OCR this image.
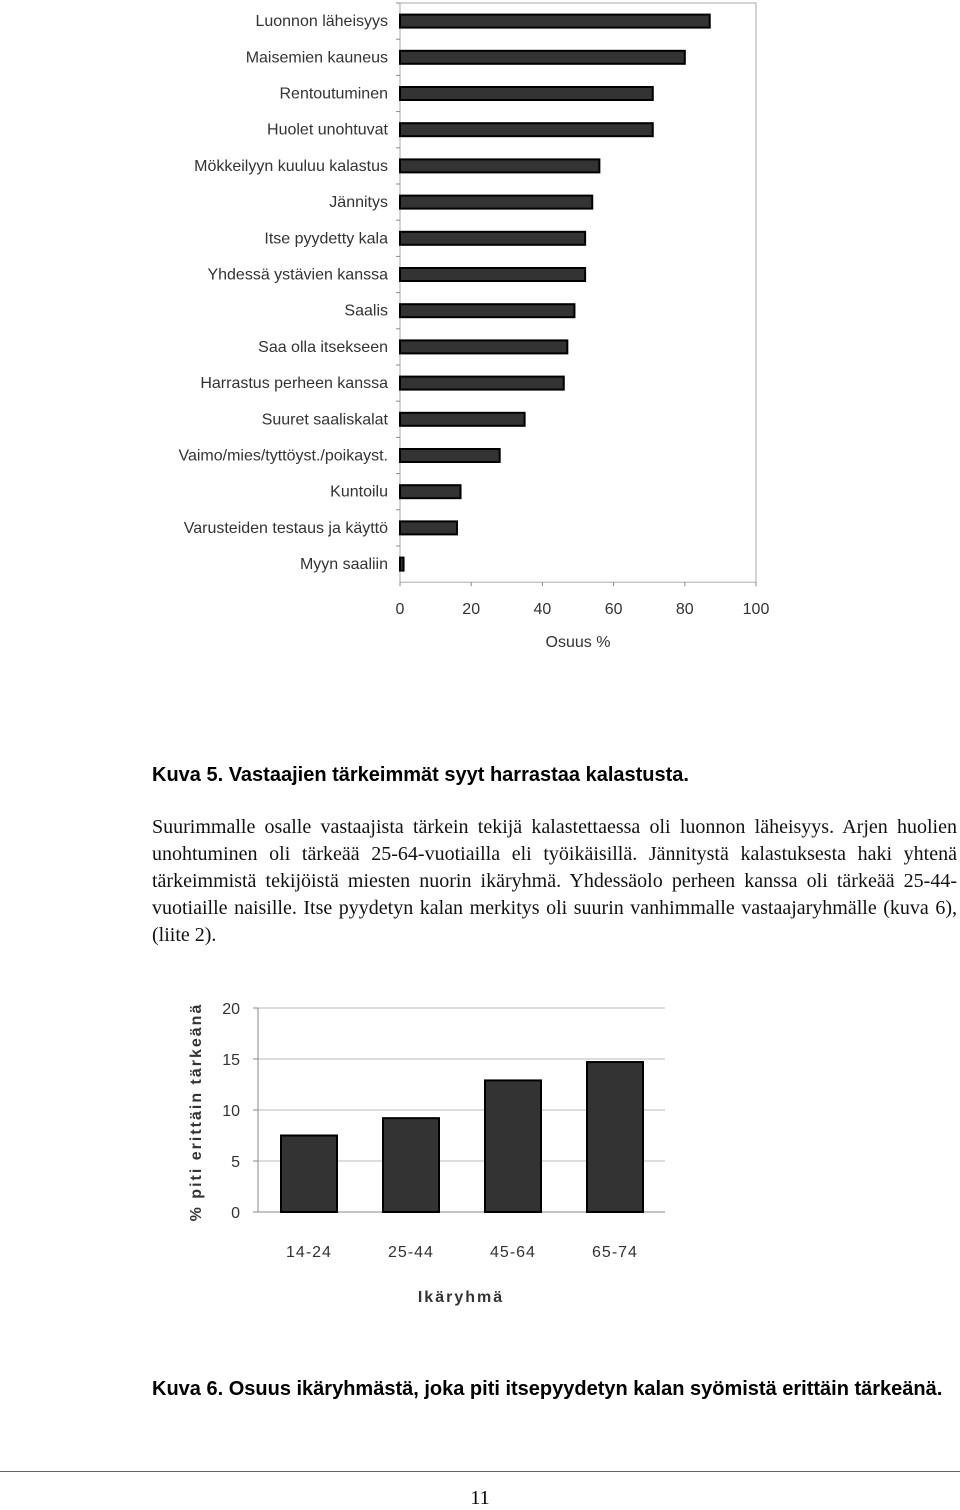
Luonnon läheisyys
Maisemien kauneus
Rentoutuminen
Huolet unohtuvat
Mökkeilyyn kuuluu kalastus
Jännitys
Itse pyydetty kala
Yhdessä ystävien kanssa
Saalis
Saa olla itsekseen
Harrastus perheen kanssa
Suuret saaliskalat
Vaimo/mies/tyttöyst./poikayst.
Kuntoilu
Varusteiden testaus ja käyttö
Myyn saaliin
0	20	40	60	80	100
Osuus %
0
5
10
15
20
14-24	25-44	45-64	65-74
Ikäryhmä
% piti erittäin tärkeänä
Kuva 5. Vastaajien tärkeimmät syyt harrastaa kalastusta.

Suurimmalle osalle vastaajista tärkein tekijä kalastettaessa oli luonnon läheisyys. Arjen huolien unohtuminen oli tärkeää 25-64-vuotiailla eli työikäisillä. Jännitystä kalastuksesta haki yhtenä tärkeimmistä tekijöistä miesten nuorin ikäryhmä. Yhdessäolo perheen kanssa oli tärkeää 25-44-vuotiaille naisille. Itse pyydetyn kalan merkitys oli suurin vanhimmalle vastaajaryhmälle (kuva 6), (liite 2).

Kuva 6. Osuus ikäryhmästä, joka piti itsepyydetyn kalan syömistä erittäin tärkeänä.
11
